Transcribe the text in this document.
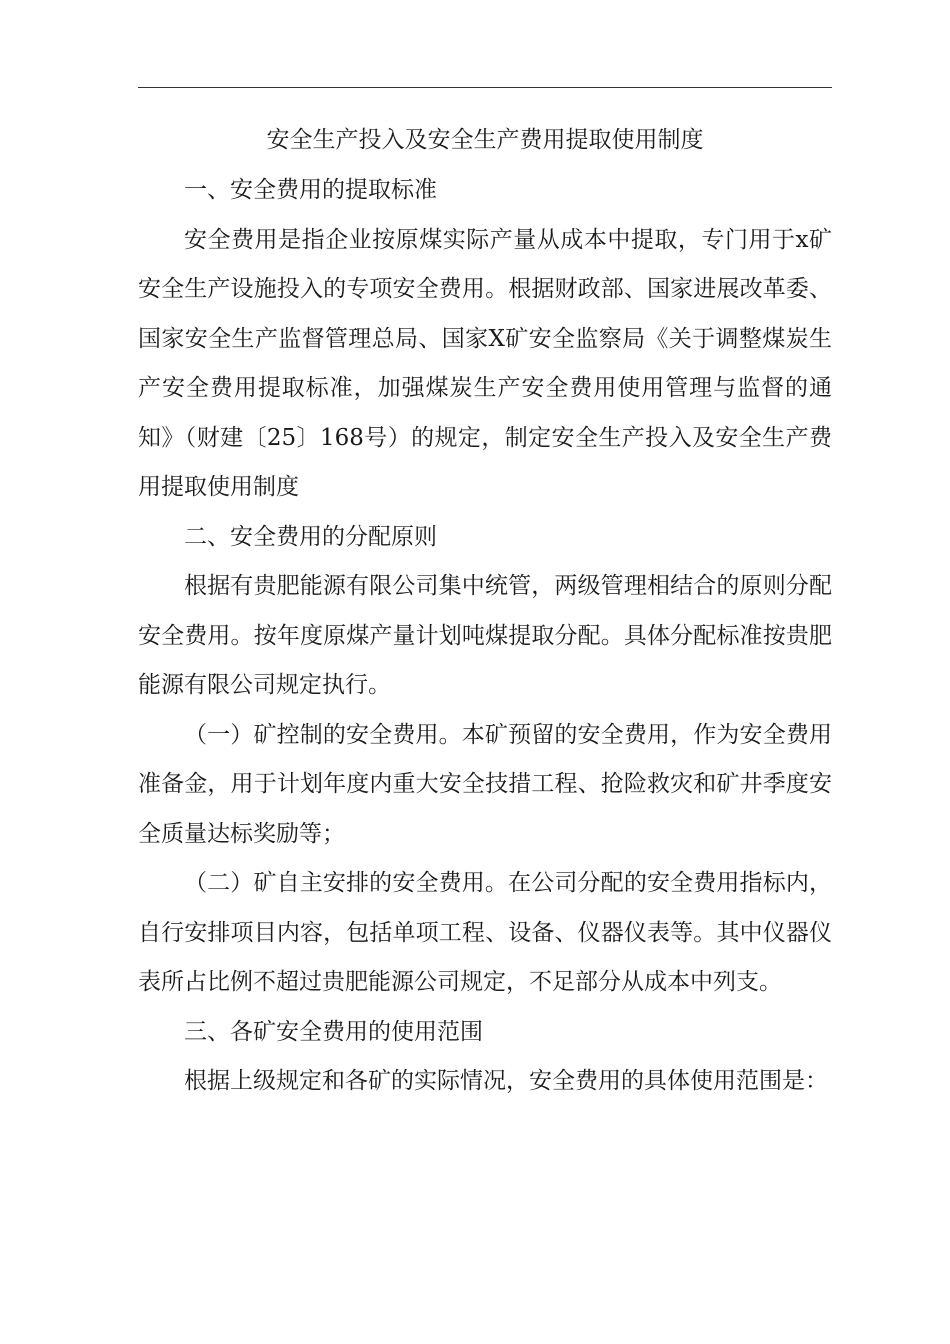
安全生产投入及安全生产费用提取使用制度

一、安全费用的提取标准

安全费用是指企业按原煤实际产量从成本中提取，专门用于x矿安全生产设施投入的专项安全费用。根据财政部、国家进展改革委、国家安全生产监督管理总局、国家X矿安全监察局《关于调整煤炭生产安全费用提取标准，加强煤炭生产安全费用使用管理与监督的通知》（财建〔25〕168号）的规定，制定安全生产投入及安全生产费用提取使用制度

二、安全费用的分配原则

根据有贵肥能源有限公司集中统管，两级管理相结合的原则分配安全费用。按年度原煤产量计划吨煤提取分配。具体分配标准按贵肥能源有限公司规定执行。

（一）矿控制的安全费用。本矿预留的安全费用，作为安全费用准备金，用于计划年度内重大安全技措工程、抢险救灾和矿井季度安全质量达标奖励等；

（二）矿自主安排的安全费用。在公司分配的安全费用指标内，自行安排项目内容，包括单项工程、设备、仪器仪表等。其中仪器仪表所占比例不超过贵肥能源公司规定，不足部分从成本中列支。

三、各矿安全费用的使用范围

根据上级规定和各矿的实际情况，安全费用的具体使用范围是：
